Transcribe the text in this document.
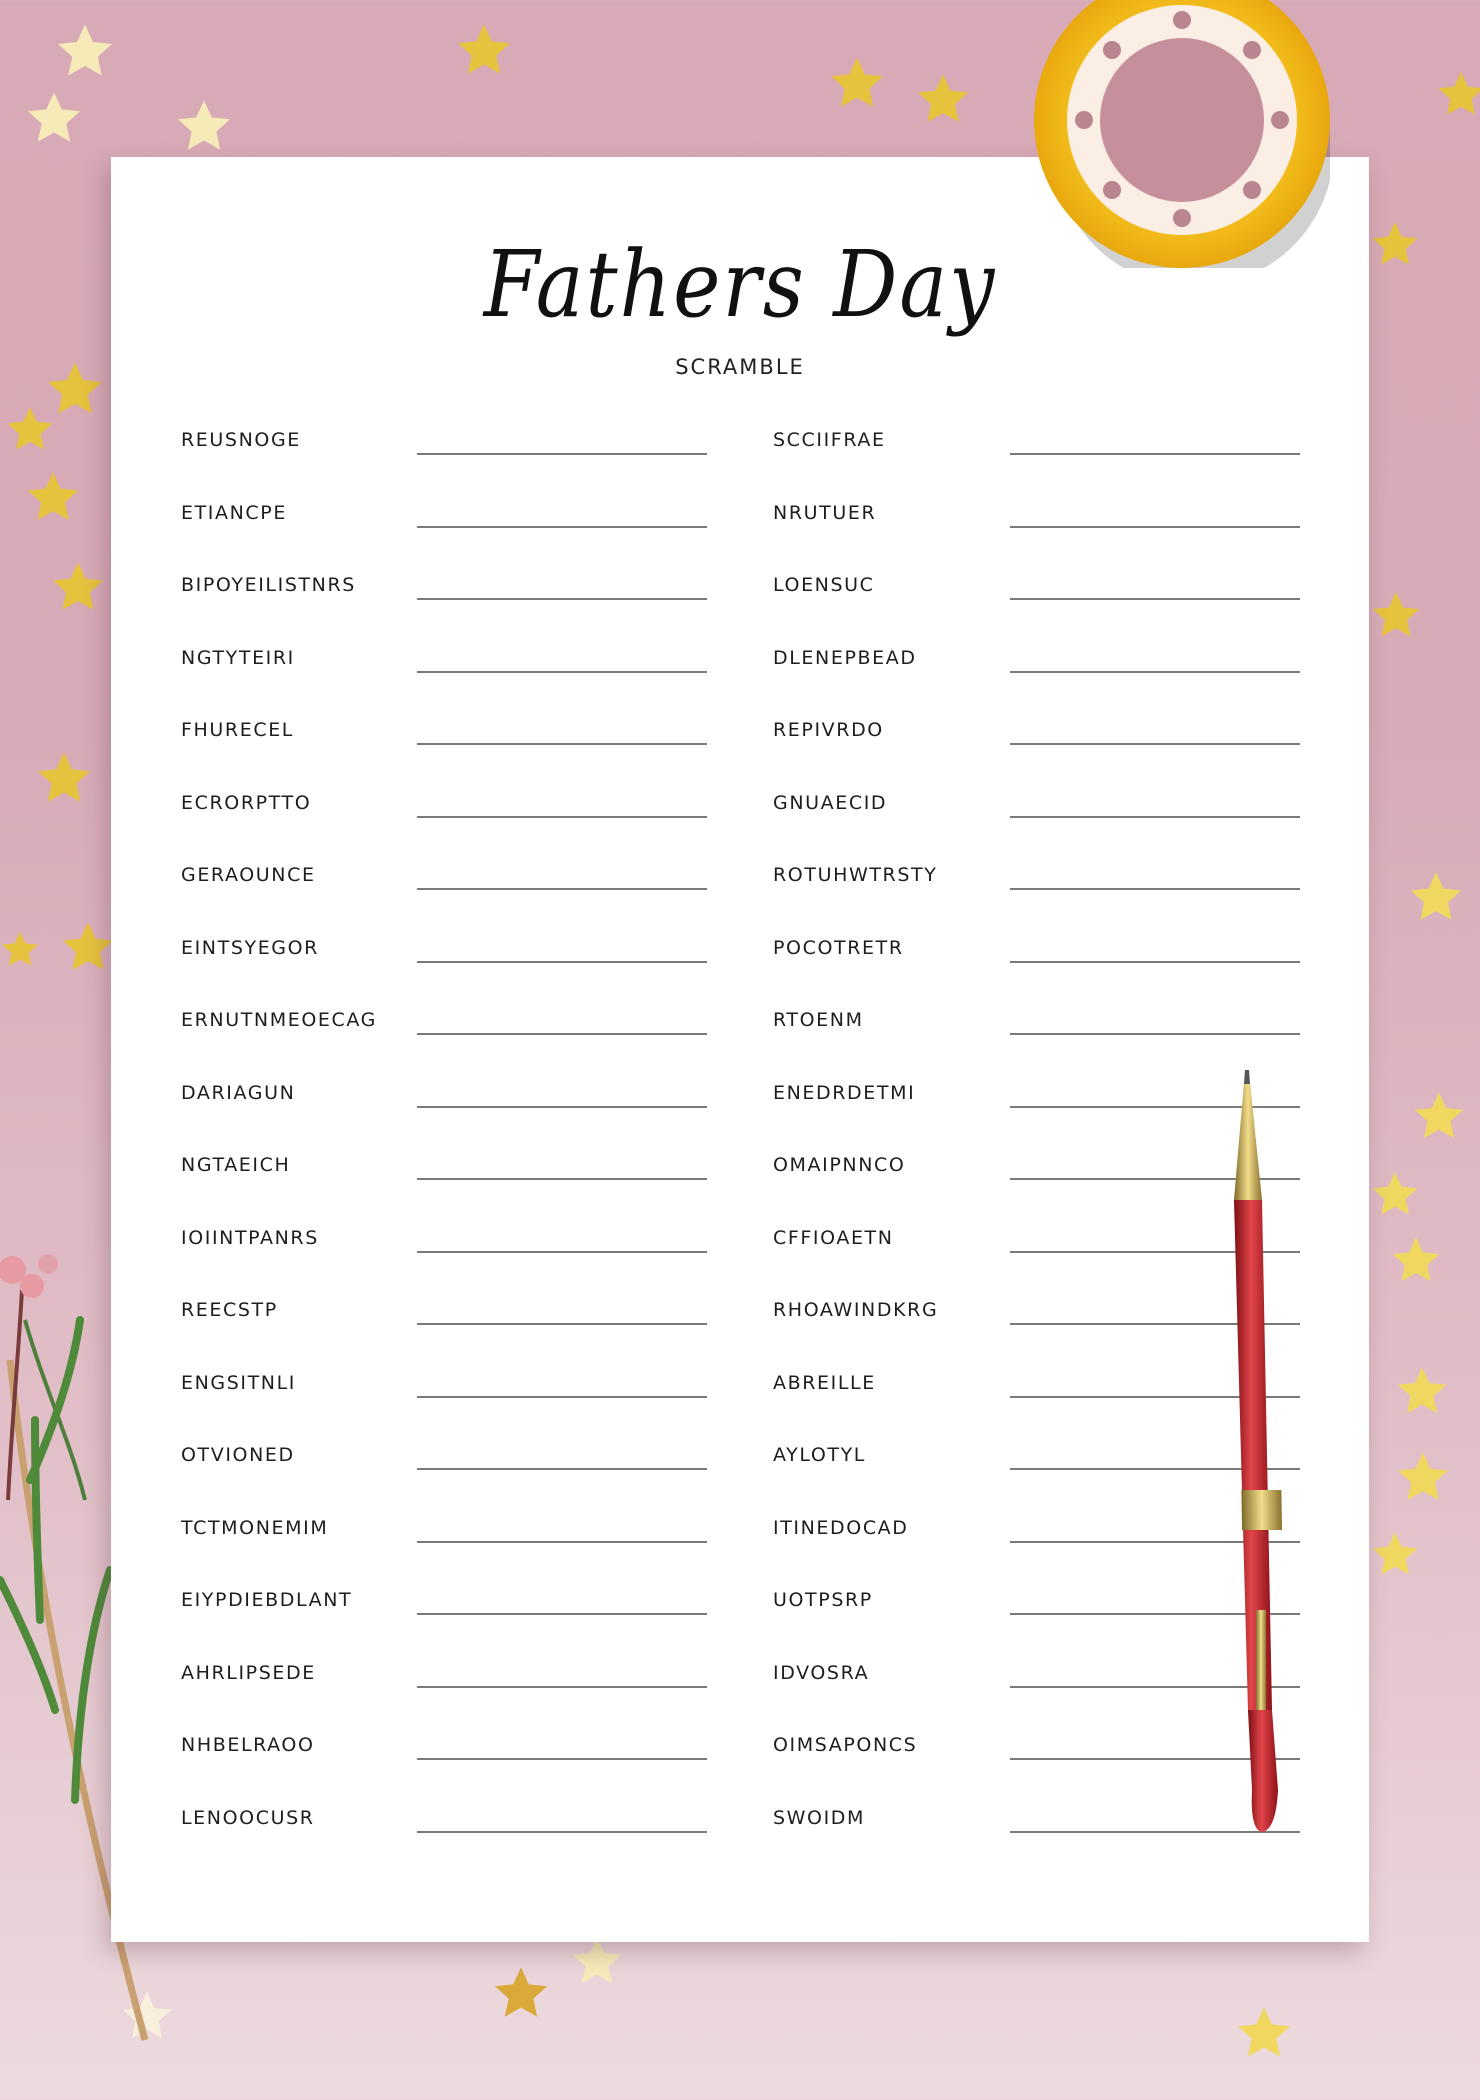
Fathers Day
SCRAMBLE
REUSNOGE
ETIANCPE
BIPOYEILISTNRS
NGTYTEIRI
FHURECEL
ECRORPTTO
GERAOUNCE
EINTSYEGOR
ERNUTNMEOECAG
DARIAGUN
NGTAEICH
IOIINTPANRS
REECSTP
ENGSITNLI
OTVIONED
TCTMONEMIM
EIYPDIEBDLANT
AHRLIPSEDE
NHBELRAOO
LENOOCUSR
SCCIIFRAE
NRUTUER
LOENSUC
DLENEPBEAD
REPIVRDO
GNUAECID
ROTUHWTRSTY
POCOTRETR
RTOENM
ENEDRDETMI
OMAIPNNCO
CFFIOAETN
RHOAWINDKRG
ABREILLE
AYLOTYL
ITINEDOCAD
UOTPSRP
IDVOSRA
OIMSAPONCS
SWOIDM
